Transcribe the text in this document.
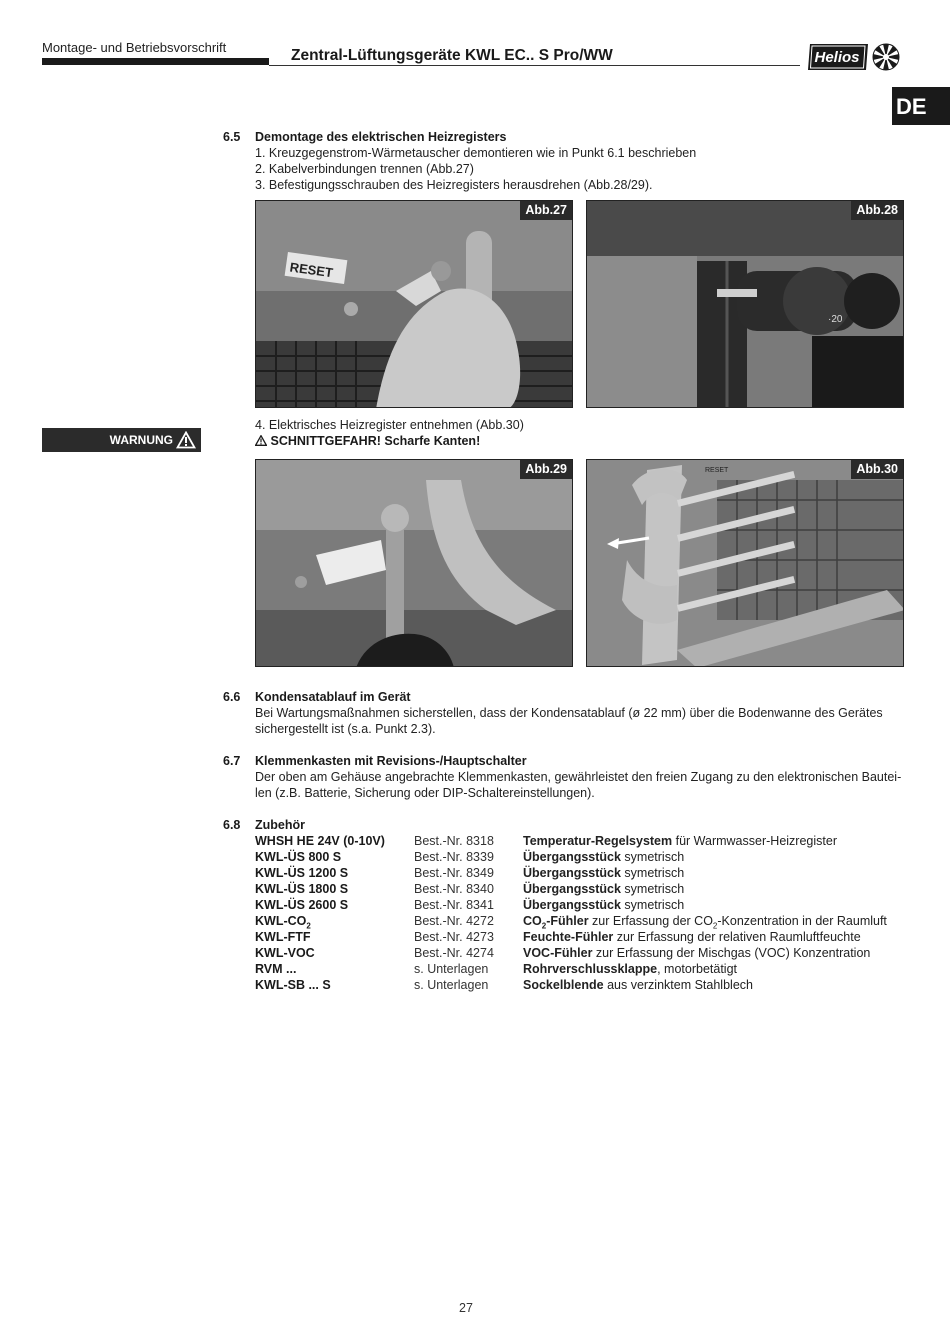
Montage- und Betriebsvorschrift	Zentral-Lüftungsgeräte KWL EC.. S Pro/WW	Helios
DE
6.5 Demontage des elektrischen Heizregisters
1. Kreuzgegenstrom-Wärmetauscher demontieren wie in Punkt 6.1 beschrieben
2. Kabelverbindungen trennen (Abb.27)
3. Befestigungsschrauben des Heizregisters herausdrehen (Abb.28/29).
RESET
Abb.27
·20
Abb.28
4. Elektrisches Heizregister entnehmen (Abb.30)
SCHNITTGEFAHR! Scharfe Kanten!
WARNUNG
Abb.29	RESET	Abb.30
6.6 Kondensatablauf im Gerät
Bei Wartungsmaßnahmen sicherstellen, dass der Kondensatablauf (ø 22 mm) über die Bodenwanne des Gerätes
sichergestellt ist (s.a. Punkt 2.3).
6.7 Klemmenkasten mit Revisions-/Hauptschalter
Der oben am Gehäuse angebrachte Klemmenkasten, gewährleistet den freien Zugang zu den elektronischen Bautei-
len (z.B. Batterie, Sicherung oder DIP-Schaltereinstellungen).
6.8 Zubehör
WHSH HE 24V (0-10V) Best.-Nr. 8318 Temperatur-Regelsystem für Warmwasser-Heizregister
KWL-ÜS 800 S	Best.-Nr. 8339 Übergangsstück symetrisch
KWL-ÜS 1200 S	Best.-Nr. 8349 Übergangsstück symetrisch
KWL-ÜS 1800 S	Best.-Nr. 8340 Übergangsstück symetrisch
KWL-ÜS 2600 S	Best.-Nr. 8341 Übergangsstück symetrisch
KWL-$CO_2$	Best.-Nr. 4272 $CO_2$-Fühler zur Erfassung der $CO_2$-Konzentration in der Raumluft
KWL-FTF	Best.-Nr. 4273 Feuchte-Fühler zur Erfassung der relativen Raumluftfeuchte
KWL-VOC	Best.-Nr. 4274 VOC-Fühler zur Erfassung der Mischgas (VOC) Konzentration
RVM ...	s. Unterlagen	Rohrverschlussklappe, motorbetätigt
KWL-SB ... S	s. Unterlagen	Sockelblende aus verzinktem Stahlblech
27
